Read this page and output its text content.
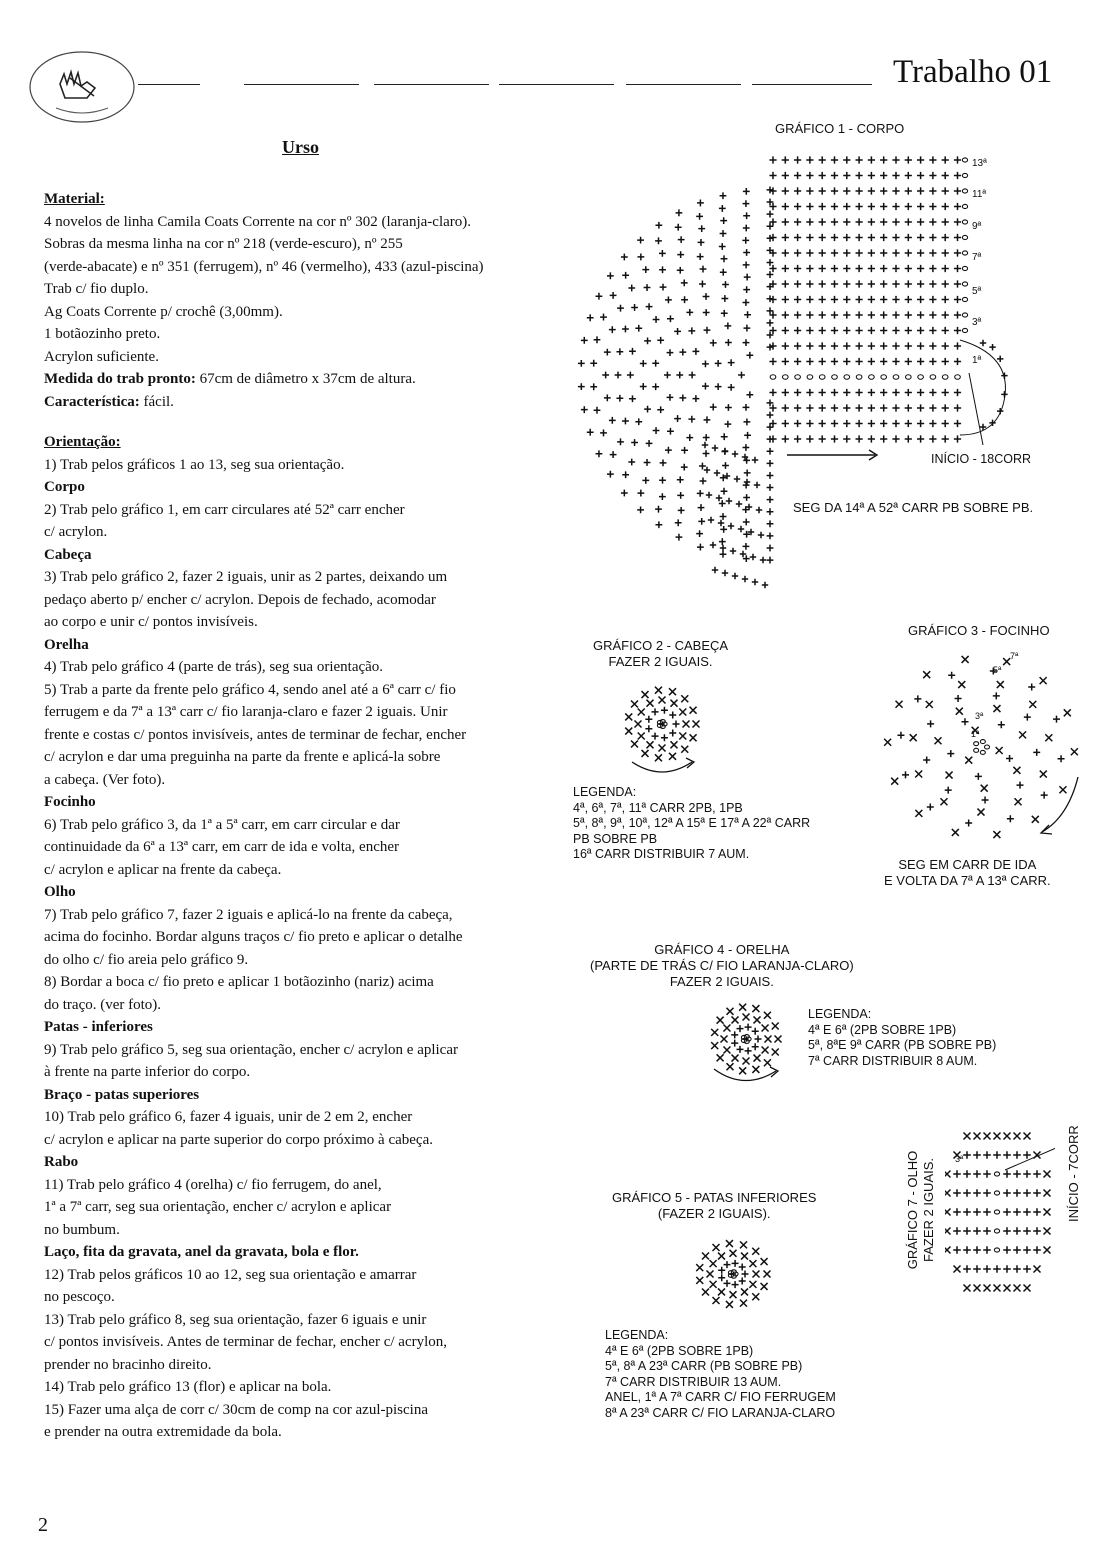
Trabalho 01
Urso

Material:

4 novelos de linha Camila Coats Corrente na cor nº 302 (laranja-claro).

Sobras da mesma linha na cor nº 218 (verde-escuro), nº 255

(verde-abacate) e nº 351 (ferrugem), nº 46 (vermelho), 433 (azul-piscina)

Trab c/ fio duplo.

Ag Coats Corrente p/ crochê (3,00mm).

1 botãozinho preto.

Acrylon suficiente.

Medida do trab pronto: 67cm de diâmetro x 37cm de altura.

Característica: fácil.

Orientação:

1) Trab pelos gráficos 1 ao 13, seg sua orientação.

Corpo

2) Trab pelo gráfico 1, em carr circulares até 52ª carr encher

c/ acrylon.

Cabeça

3) Trab pelo gráfico 2, fazer 2 iguais, unir as 2 partes, deixando um

pedaço aberto p/ encher c/ acrylon. Depois de fechado, acomodar

ao corpo e unir c/ pontos invisíveis.

Orelha

4) Trab pelo gráfico 4 (parte de trás), seg sua orientação.

5) Trab a parte da frente pelo gráfico 4, sendo anel até a 6ª carr c/ fio

ferrugem e da 7ª a 13ª carr c/ fio laranja-claro e fazer 2 iguais. Unir

frente e costas c/ pontos invisíveis, antes de terminar de fechar, encher

c/ acrylon e dar uma preguinha na parte da frente e aplicá-la sobre

a cabeça. (Ver foto).

Focinho

6) Trab pelo gráfico 3, da 1ª a 5ª carr, em carr circular e dar

continuidade da 6ª a 13ª carr, em carr de ida e volta, encher

c/ acrylon e aplicar na frente da cabeça.

Olho

7) Trab pelo gráfico 7, fazer 2 iguais e aplicá-lo na frente da cabeça,

acima do focinho. Bordar alguns traços c/ fio preto e aplicar o detalhe

do olho c/ fio areia pelo gráfico 9.

8) Bordar a boca c/ fio preto e aplicar 1 botãozinho (nariz) acima

do traço. (ver foto).

Patas - inferiores

9) Trab pelo gráfico 5, seg sua orientação, encher c/ acrylon e aplicar

à frente na parte inferior do corpo.

Braço - patas superiores

10) Trab pelo gráfico 6, fazer 4 iguais, unir de 2 em 2, encher

c/ acrylon e aplicar na parte superior do corpo próximo à cabeça.

Rabo

11) Trab pelo gráfico 4 (orelha) c/ fio ferrugem, do anel,

1ª a 7ª carr, seg sua orientação, encher c/ acrylon e aplicar

no bumbum.

Laço, fita da gravata, anel da gravata, bola e flor.

12) Trab pelos gráficos 10 ao 12, seg sua orientação e amarrar

no pescoço.

13) Trab pelo gráfico 8, seg sua orientação, fazer 6 iguais e unir

c/ pontos invisíveis. Antes de terminar de fechar, encher c/ acrylon,

prender no bracinho direito.

14) Trab pelo gráfico 13 (flor) e aplicar na bola.

15) Fazer uma alça de corr c/ 30cm de comp na cor azul-piscina

e prender na outra extremidade da bola.

2
GRÁFICO 1 - CORPO
13ª
11ª
9ª
7ª
5ª
3ª
1ª
INÍCIO - 18CORR
SEG DA 14ª A 52ª CARR PB SOBRE PB.
GRÁFICO 2 - CABEÇA
FAZER 2 IGUAIS.
LEGENDA:
4ª, 6ª, 7ª, 11ª CARR 2PB, 1PB
5ª, 8ª, 9ª, 10ª, 12ª A 15ª E 17ª A 22ª CARR
PB SOBRE PB
16ª CARR DISTRIBUIR 7 AUM.
GRÁFICO 3 - FOCINHO
7ª
5ª
3ª
1ª
SEG EM CARR DE IDA
E VOLTA DA 7ª A 13ª CARR.
GRÁFICO 4 - ORELHA
(PARTE DE TRÁS C/ FIO LARANJA-CLARO)
FAZER 2 IGUAIS.
LEGENDA:
4ª E 6ª (2PB SOBRE 1PB)
5ª, 8ªE 9ª CARR (PB SOBRE PB)
7ª CARR DISTRIBUIR 8 AUM.
GRÁFICO 5 - PATAS INFERIORES
(FAZER 2 IGUAIS).
LEGENDA:
4ª E 6ª (2PB SOBRE 1PB)
5ª, 8ª A 23ª CARR (PB SOBRE PB)
7ª CARR DISTRIBUIR 13 AUM.
ANEL, 1ª A 7ª CARR C/ FIO FERRUGEM
8ª A 23ª CARR C/ FIO LARANJA-CLARO
GRÁFICO 7 - OLHO FAZER 2 IGUAIS. 3ª	INÍCIO - 7CORR
